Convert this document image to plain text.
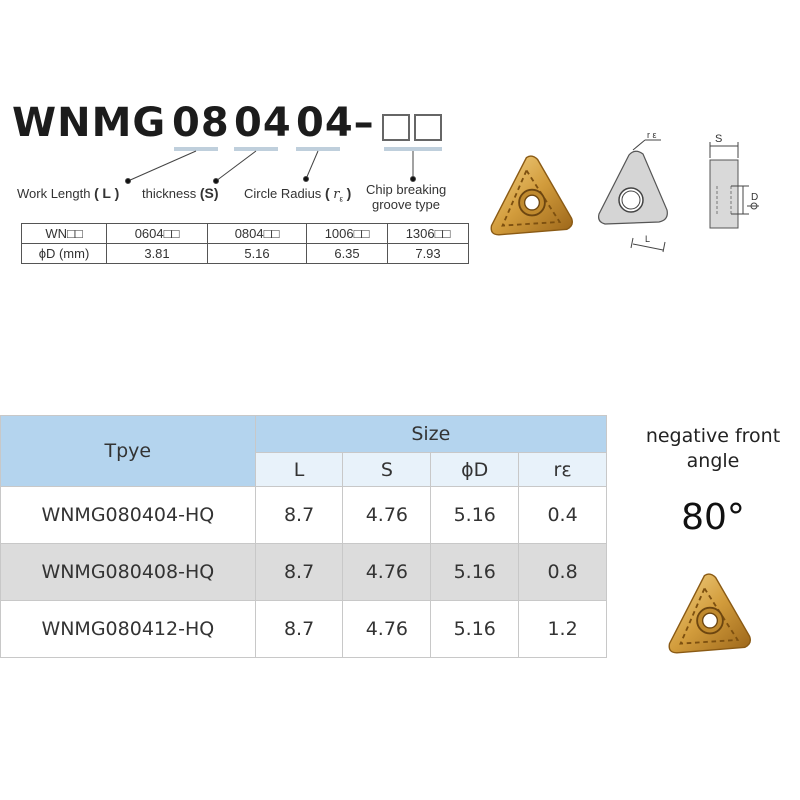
WNMG 08 04 04–
Work Length ( L ) thickness (S) Circle Radius ( $r_\varepsilon$ ) Chip breaking
groove type
WN□□	0604□□	0804□□	1006□□	1306□□
ϕD (mm)	3.81	5.16	6.35	7.93
r ε
L
S
D
Tpye	Size			
	L	S	ϕD	rε
WNMG080404-HQ	8.7	4.76	5.16	0.4
WNMG080408-HQ	8.7	4.76	5.16	0.8
WNMG080412-HQ	8.7	4.76	5.16	1.2
negative front
angle
80°
